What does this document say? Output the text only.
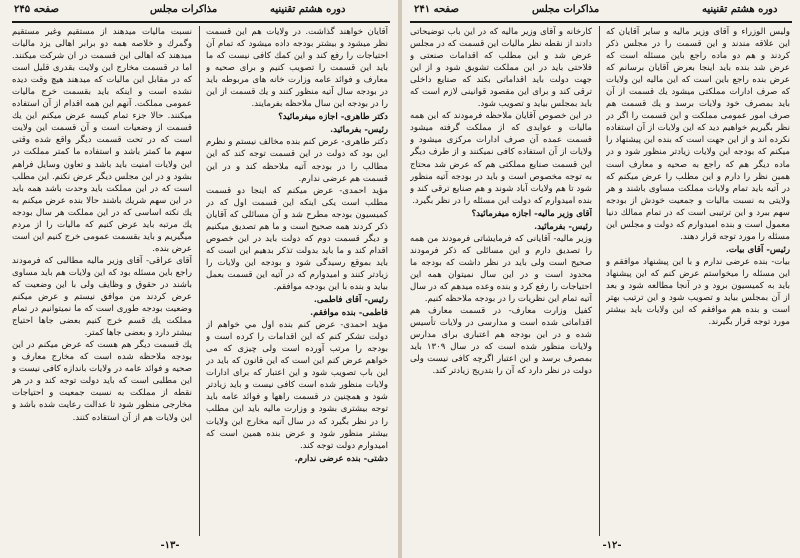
صفحه ۲۴۵	مذاکرات مجلس	دوره هشتم تقنینیه

نسبت ماليات ميدهند از مستقيم وغير مستقيم وگمرك و خلاصه همه دو برابر اهالى يزد ماليات ميدهند كه اهالى اين قسمت در ان شركت ميكنند. اما در قسمت مخارج اين ولايت بقدرى قليل است كه در مقابل اين ماليات كه ميدهند هيچ وقت ديده نشده است و اينكه بايد بقسمت خرج ماليات عمومى مملكت. آنهم اين همه اقدام از آن استفاده ميكنند. حالا جزء تمام كيسه عرض ميكنم اين يك قسمت از وضعيات است و آن قسمت اين ولايت است كه در تحت قسمت ديگر واقع شده وقتى سهم ما كمتر باشد و استفاده ما كمتر مملكت در اين ولايات امنيت بايد باشد و تعاون وسايل فراهم بشود و در اين مجلس ديگر عرض نكنم. اين مطلب است كه در اين مملكت بايد وحدت باشد همه بايد در اين سهم شريك باشند حالا بنده عرض ميكنم به يك نكته اساسى كه در اين مملكت هر سال بودجه يك مرتبه بايد عرض كنيم كه ماليات را از مردم ميگيريم و بايد بقسمت عمومى خرج كنيم اين است عرض بنده.

آقاى عراقى- آقاى وزير ماليه مطالبى كه فرمودند راجع باين مسئله بود كه اين ولايات هم بايد مساوى باشند در حقوق و وظايف ولى با اين وضعيت كه عرض كردند من موافق نيستم و عرض ميكنم وضعيت بودجه طورى است كه ما نميتوانيم در تمام مملكت يك قسم خرج كنيم بعضى جاها احتياج بيشتر دارد و بعضى جاها كمتر.

يك قسمت ديگر هم هست كه عرض ميكنم در اين بودجه ملاحظه شده است كه مخارج معارف و صحيه و فوائد عامه در ولايات باندازه كافى نيست و اين مطلبى است كه بايد دولت توجه كند و در هر نقطه از مملكت به نسبت جمعيت و احتياجات مخارجى منظور شود تا عدالت رعايت شده باشد و اين ولايات هم از آن استفاده كنند.

آقايان خواهند گذاشت. در ولايات هم اين قسمت نظر ميشود و بيشتر بودجه داده ميشود كه تمام آن احتياجات را رفع كند و اين كمك كافى نيست كه ما بايد اين قسمت را تصويب كنيم و براى صحيه و معارف و فوائد عامه وزارت خانه هاى مربوطه بايد در بودجه سال آتيه منظور كنند و يك قسمت از اين را در بودجه اين سال ملاحظه بفرمايند.

دكتر طاهرى- اجازه ميفرمائيد؟
رئيس- بفرمائيد.

دكتر طاهرى- عرض كنم بنده مخالف نيستم و نظرم اين بود كه دولت در اين قسمت توجه كند كه اين مطالب را در بودجه آتيه ملاحظه كند و در اين قسمت هم عرضى ندارم.

مؤيد احمدى- عرض ميكنم كه اينجا دو قسمت مطلب است يكى اينكه اين قسمت اول كه در كميسيون بودجه مطرح شد و آن مسائلى كه آقايان ذكر كردند همه صحيح است و ما هم تصديق ميكنيم و ديگر قسمت دوم كه دولت بايد در اين خصوص اقدام كند و ما بايد بدولت تذكر بدهيم اين است كه بايد بموقع رسيدگى شود و بودجه اين ولايات را زيادتر كنند و اميدوارم كه در آتيه اين قسمت بعمل بيايد و بنده با اين بودجه موافقم.

رئيس- آقاى فاطمى.
فاطمى- بنده موافقم.

مؤيد احمدى- عرض كنم بنده اول مي خواهم از دولت تشكر كنم كه اين اقدامات را كرده است و بودجه را مرتب آورده است ولى چيزى كه مى خواهم عرض كنم اين است كه اين قانون كه بايد در اين باب تصويب شود و اين اعتبار كه براى ادارات ولايات منظور شده است كافى نيست و بايد زيادتر شود و همچنين در قسمت راهها و فوائد عامه بايد توجه بيشترى بشود و وزارت ماليه بايد اين مطلب را در نظر بگيرد كه در سال آتيه مخارج اين ولايات بيشتر منظور شود و عرض بنده همين است كه اميدوارم دولت توجه كند.

دشتى- بنده عرضى ندارم.
-۱۳-
مذاكرات مجلس
صفحه ۲۴۱	دوره هشتم تقنینیه

كارخانه و آقاى وزير ماليه كه در اين باب توضيحاتى دادند از نقطه نظر ماليات اين قسمت كه در مجلس عرض شد و اين مطلب كه اقدامات صنعتى و فلاحتى بايد در اين مملكت تشويق شود و از اين جهت دولت بايد اقداماتى بكند كه صنايع داخلى ترقى كند و براى اين مقصود قوانينى لازم است كه بايد بمجلس بيايد و تصويب شود.

در اين خصوص آقايان ملاحظه فرمودند كه اين همه ماليات و عوايدى كه از مملكت گرفته ميشود قسمت عمده آن صرف ادارات مركزى ميشود و ولايات از آن استفاده كافى نميكنند و از طرف ديگر اين قسمت صنايع مملكتى هم كه عرض شد محتاج به توجه مخصوص است و بايد در بودجه آتيه منظور شود تا هم ولايات آباد شوند و هم صنايع ترقى كند و بنده اميدوارم كه دولت اين مسئله را در نظر بگيرد.

آقاى وزير ماليه- اجازه ميفرمائيد؟
رئيس- بفرمائيد.

وزير ماليه- آقايانى كه فرمايشاتى فرمودند من همه را تصديق دارم و اين مسائلى كه ذكر فرمودند صحيح است ولى بايد در نظر داشت كه بودجه ما محدود است و در اين سال نميتوان همه اين احتياجات را رفع كرد و بنده وعده ميدهم كه در سال آتيه تمام اين نظريات را در بودجه ملاحظه كنيم.

كفيل وزارت معارف- در قسمت معارف هم اقداماتى شده است و مدارسى در ولايات تأسيس شده و در اين بودجه هم اعتبارى براى مدارس ولايات منظور شده است كه در سال ۱۳۰۹ بايد بمصرف برسد و اين اعتبار اگرچه كافى نيست ولى دولت در نظر دارد كه آن را بتدريج زيادتر كند.

وليس الوزراء و آقاى وزير ماليه و ساير آقايان كه اين علاقه مندند و اين قسمت را در مجلس ذكر كردند و هم دو ماده راجع باين مسئله است كه عرض شد بنده بايد اينجا بعرض آقايان برسانم كه عرض بنده راجع باين است كه اين ماليه اين ولايات كه صرف ادارات مملكتى ميشود يك قسمت از آن بايد بمصرف خود ولايات برسد و يك قسمت هم صرف امور عمومى مملكت و اين قسمت را اگر در نظر بگيريم خواهيم ديد كه اين ولايات از آن استفاده نكرده اند و از اين جهت است كه بنده اين پيشنهاد را ميكنم كه بودجه اين ولايات زيادتر منظور شود و در ماده ديگر هم كه راجع به صحيه و معارف است همين نظر را دارم و اين مطلب را عرض ميكنم كه در آتيه بايد تمام ولايات مملكت مساوى باشند و هر ولايتى به نسبت ماليات و جمعيت خودش از بودجه سهم ببرد و اين ترتيبى است كه در تمام ممالك دنيا معمول است و بنده اميدوارم كه دولت و مجلس اين مسئله را مورد توجه قرار دهند.

رئيس- آقاى بيات.

بيات- بنده عرضى ندارم و با اين پيشنهاد موافقم و اين مسئله را ميخواستم عرض كنم كه اين پيشنهاد بايد به كميسيون برود و در آنجا مطالعه شود و بعد از آن بمجلس بيايد و تصويب شود و اين ترتيب بهتر است و بنده هم موافقم كه اين ولايات بايد بيشتر مورد توجه قرار بگيرند.

-۱۲-
